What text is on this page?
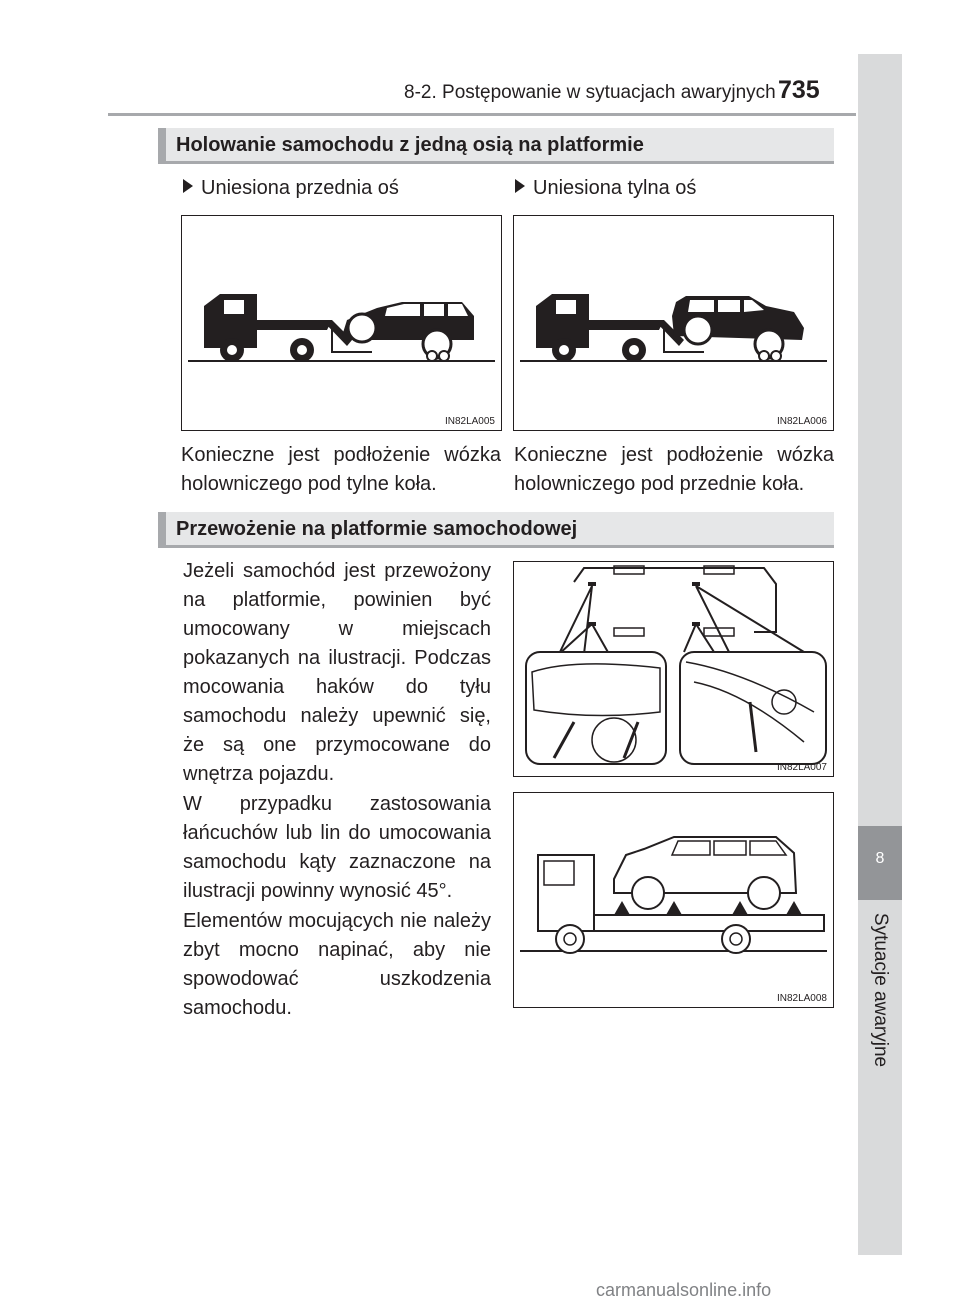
8-2. Postępowanie w sytuacjach awaryjnych 735
8
Sytuacje awaryjne
Holowanie samochodu z jedną osią na platformie
Uniesiona przednia oś	Uniesiona tylna oś
IN82LA005	IN82LA006
Konieczne jest podłożenie wózka holowniczego pod tylne koła.
Konieczne jest podłożenie wózka holowniczego pod przednie koła.
Przewożenie na platformie samochodowej
Jeżeli samochód jest przewożony na platformie, powinien być umocowany w miejscach pokazanych na ilustracji. Podczas mocowania haków do tyłu samochodu należy upewnić się, że są one przymocowane do wnętrza pojazdu.
W przypadku zastosowania łańcuchów lub lin do umocowania samochodu kąty zaznaczone na ilustracji powinny wynosić 45°.
Elementów mocujących nie należy zbyt mocno napinać, aby nie spowodować uszkodzenia samochodu.
IN82LA007
IN82LA008
carmanualsonline.info
